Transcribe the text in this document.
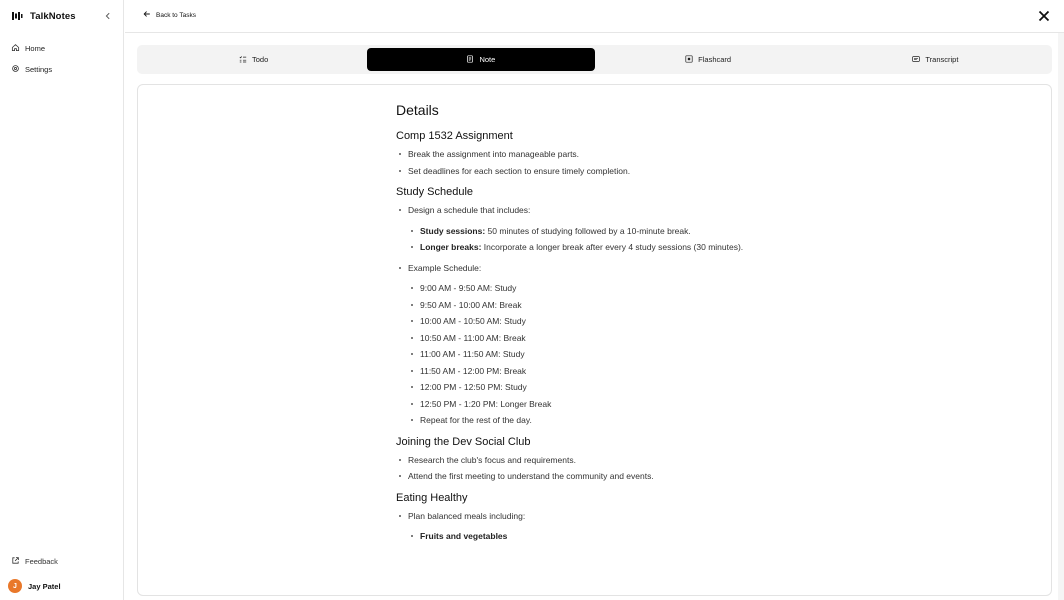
TalkNotes
Home
Settings
Feedback
J	Jay Patel
Back to Tasks
Todo	Note	Flashcard	Transcript
Details
Comp 1532 Assignment
Break the assignment into manageable parts.
Set deadlines for each section to ensure timely completion.
Study Schedule
Design a schedule that includes:
Study sessions: 50 minutes of studying followed by a 10-minute break.
Longer breaks: Incorporate a longer break after every 4 study sessions (30 minutes).
Example Schedule:
9:00 AM - 9:50 AM: Study
9:50 AM - 10:00 AM: Break
10:00 AM - 10:50 AM: Study
10:50 AM - 11:00 AM: Break
11:00 AM - 11:50 AM: Study
11:50 AM - 12:00 PM: Break
12:00 PM - 12:50 PM: Study
12:50 PM - 1:20 PM: Longer Break
Repeat for the rest of the day.
Joining the Dev Social Club
Research the club's focus and requirements.
Attend the first meeting to understand the community and events.
Eating Healthy
Plan balanced meals including:
Fruits and vegetables
